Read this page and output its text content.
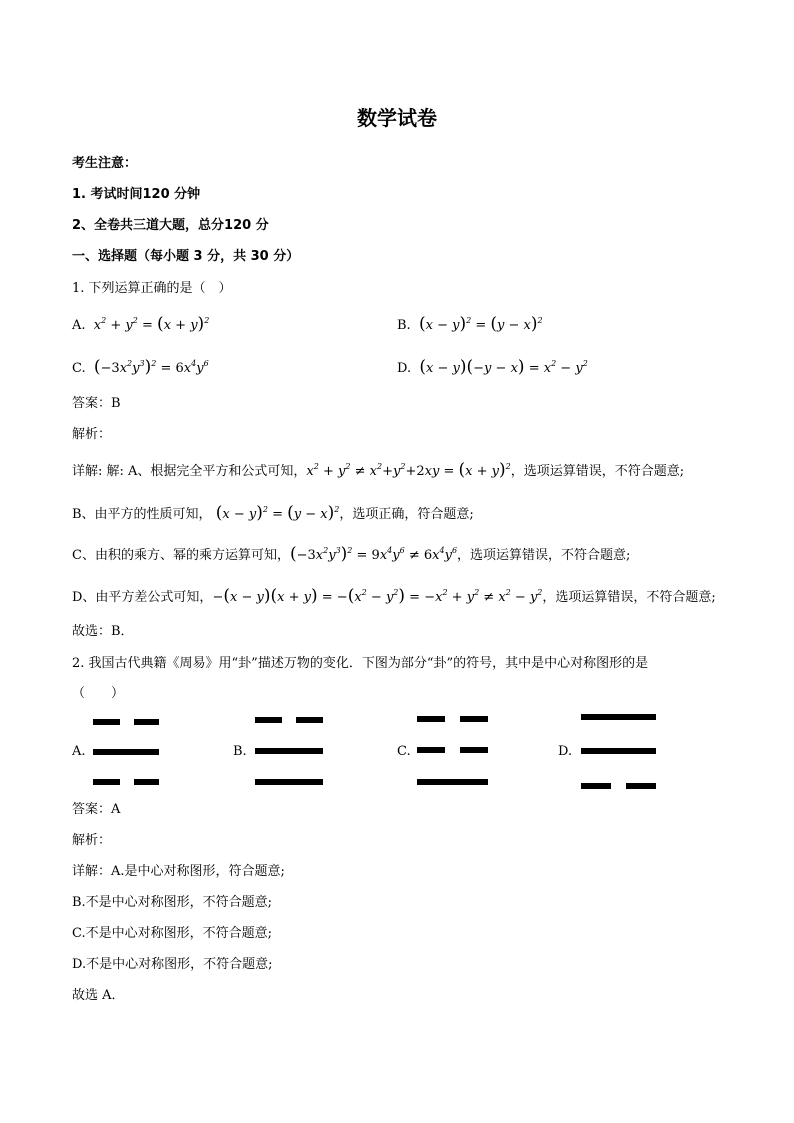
数学试卷
考生注意：
1. 考试时间120 分钟
2、全卷共三道大题，总分120 分
一、选择题（每小题 3 分，共 30 分）
1. 下列运算正确的是（　）
A. $x^2 + y^2 = (x + y)^2$	B. $(x - y)^2 = (y - x)^2$
C. $(-3x^2y^3)^2 = 6x^4y^6$	D. $(x - y)(-y - x) = x^2 - y^2$
答案：B
解析：
详解: 解: A、根据完全平方和公式可知，$x^2 + y^2 \ne x^2+y^2+2xy = (x + y)^2$，选项运算错误，不符合题意;
B、由平方的性质可知， $(x - y)^2 = (y - x)^2$，选项正确，符合题意;
C、由积的乘方、幂的乘方运算可知，$(-3x^2y^3)^2 = 9x^4y^6 \ne 6x^4y^6$，选项运算错误，不符合题意;
D、由平方差公式可知，$-(x - y)(x + y) = -(x^2 - y^2) = -x^2 + y^2 \ne x^2 - y^2$，选项运算错误，不符合题意;
故选：B．
2. 我国古代典籍《周易》用“卦”描述万物的变化．下图为部分“卦”的符号，其中是中心对称图形的是
（　　）
A.	B.	C.	D.
答案：A
解析：
详解：A.是中心对称图形，符合题意;
B.不是中心对称图形，不符合题意;
C.不是中心对称图形，不符合题意;
D.不是中心对称图形，不符合题意;
故选 A．
